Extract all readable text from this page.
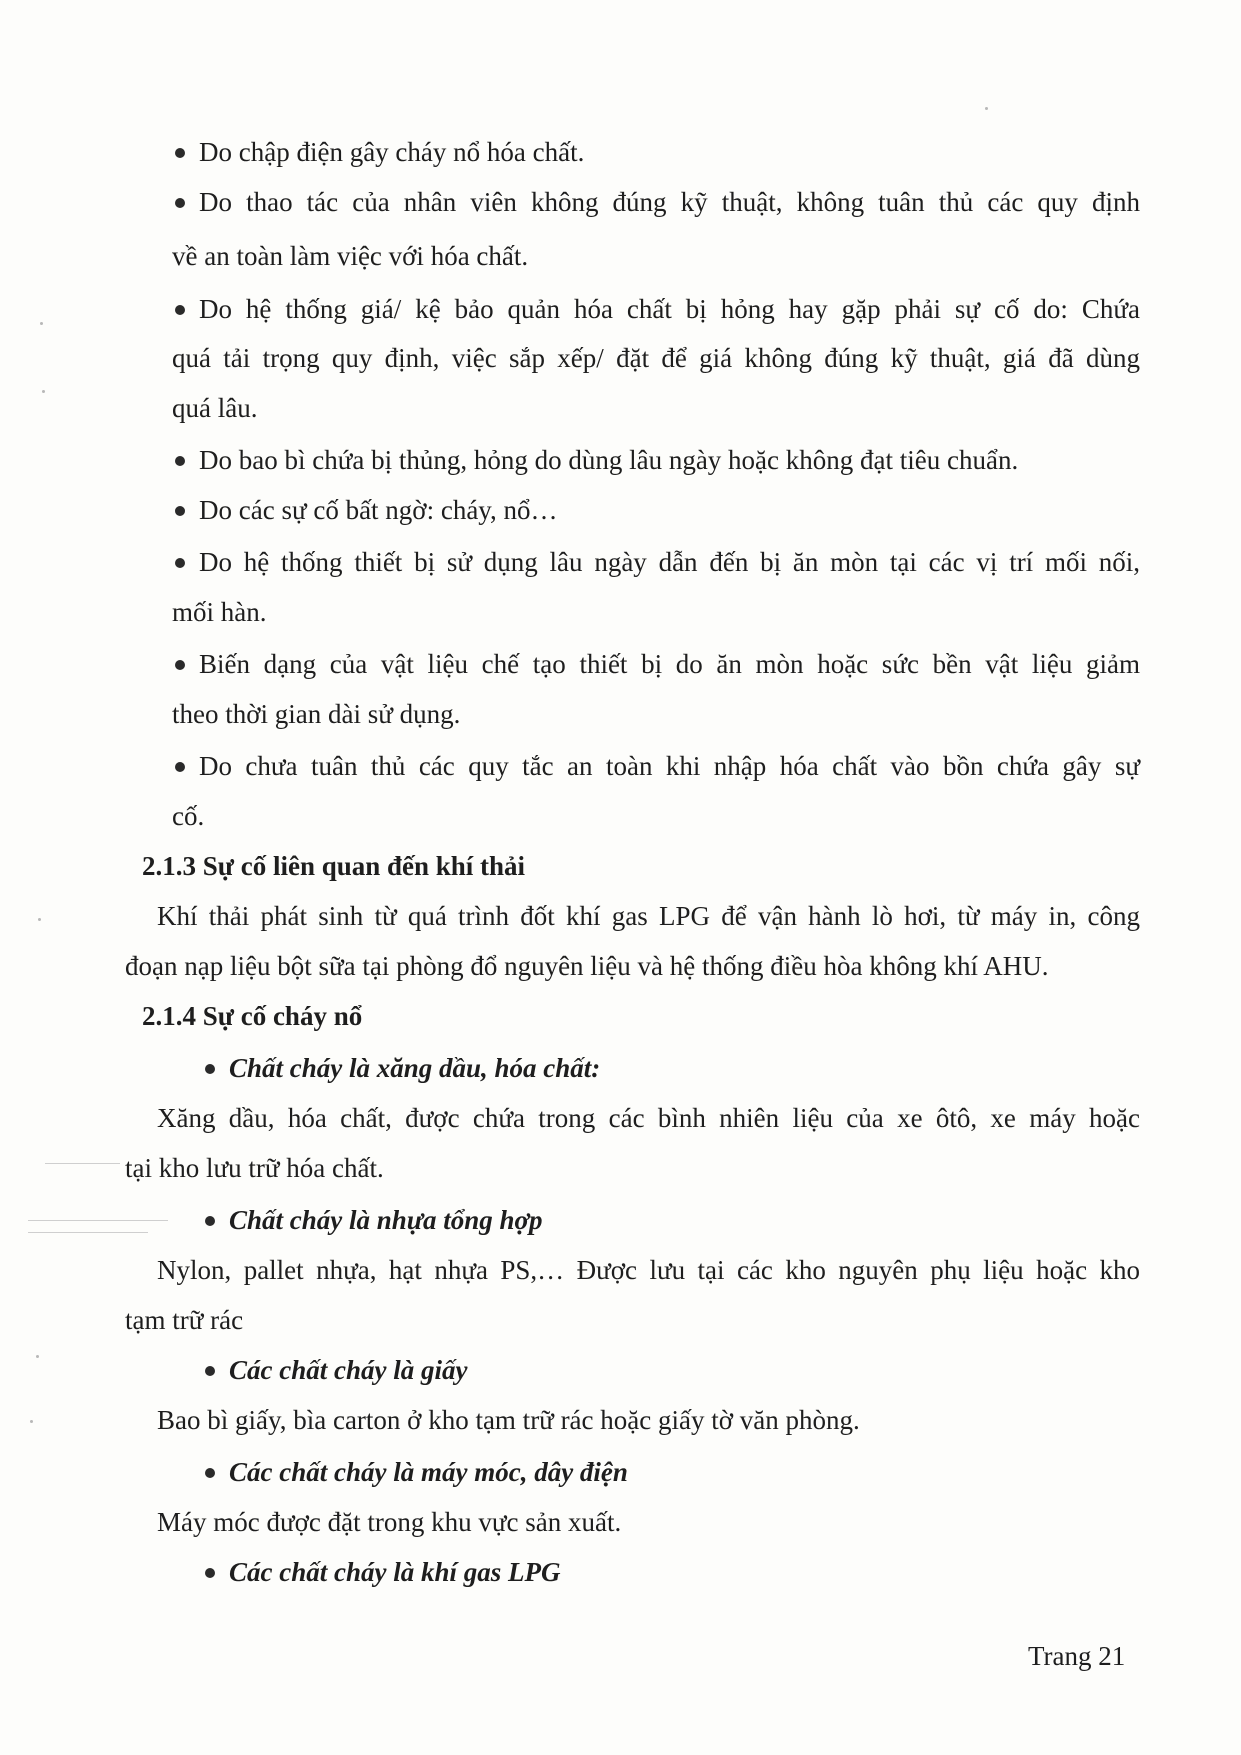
Do chập điện gây cháy nổ hóa chất.
Do thao tác của nhân viên không đúng kỹ thuật, không tuân thủ các quy định
về an toàn làm việc với hóa chất.
Do hệ thống giá/ kệ bảo quản hóa chất bị hỏng hay gặp phải sự cố do: Chứa
quá tải trọng quy định, việc sắp xếp/ đặt để giá không đúng kỹ thuật, giá đã dùng
quá lâu.
Do bao bì chứa bị thủng, hỏng do dùng lâu ngày hoặc không đạt tiêu chuẩn.
Do các sự cố bất ngờ: cháy, nổ…
Do hệ thống thiết bị sử dụng lâu ngày dẫn đến bị ăn mòn tại các vị trí mối nối,
mối hàn.
Biến dạng của vật liệu chế tạo thiết bị do ăn mòn hoặc sức bền vật liệu giảm
theo thời gian dài sử dụng.
Do chưa tuân thủ các quy tắc an toàn khi nhập hóa chất vào bồn chứa gây sự
cố.
2.1.3 Sự cố liên quan đến khí thải
Khí thải phát sinh từ quá trình đốt khí gas LPG để vận hành lò hơi, từ máy in, công
đoạn nạp liệu bột sữa tại phòng đổ nguyên liệu và hệ thống điều hòa không khí AHU.
2.1.4 Sự cố cháy nổ
Chất cháy là xăng dầu, hóa chất:
Xăng dầu, hóa chất, được chứa trong các bình nhiên liệu của xe ôtô, xe máy hoặc
tại kho lưu trữ hóa chất.
Chất cháy là nhựa tổng hợp
Nylon, pallet nhựa, hạt nhựa PS,… Được lưu tại các kho nguyên phụ liệu hoặc kho
tạm trữ rác
Các chất cháy là giấy
Bao bì giấy, bìa carton ở kho tạm trữ rác hoặc giấy tờ văn phòng.
Các chất cháy là máy móc, dây điện
Máy móc được đặt trong khu vực sản xuất.
Các chất cháy là khí gas LPG
Trang 21
